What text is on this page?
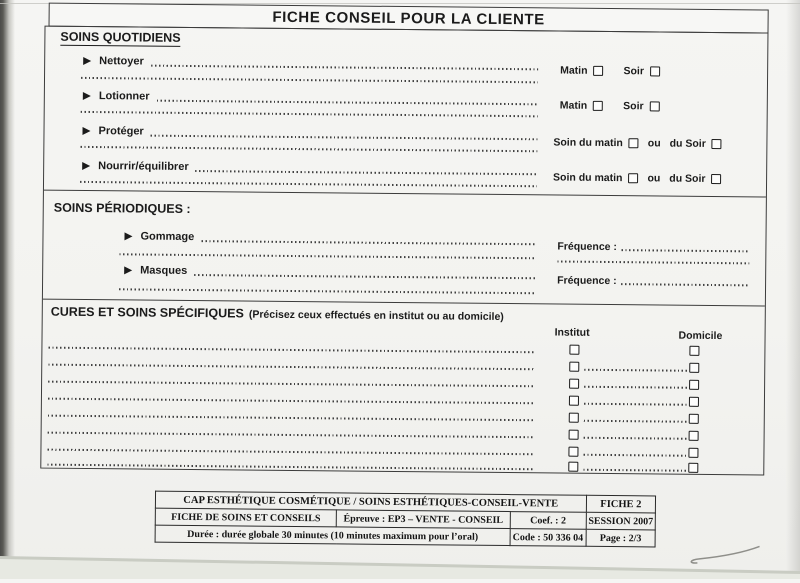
FICHE CONSEIL POUR LA CLIENTE
SOINS QUOTIDIENS
Nettoyer
Matin	Soir
Lotionner
Matin	Soir
Protéger
Soin du matin ou du Soir
Nourrir/équilibrer
Soin du matin ou du Soir
SOINS PÉRIODIQUES :
Gommage
Fréquence :
Masques
Fréquence :
CURES ET SOINS SPÉCIFIQUES (Précisez ceux effectués en institut ou au domicile)
Institut	Domicile
CAP ESTHÉTIQUE COSMÉTIQUE / SOINS ESTHÉTIQUES-CONSEIL-VENTE			FICHE 2
FICHE DE SOINS ET CONSEILS	Épreuve : EP3 – VENTE - CONSEIL	Coef. : 2	SESSION 2007
Durée : durée globale 30 minutes (10 minutes maximum pour l’oral)		Code : 50 336 04	Page : 2/3
